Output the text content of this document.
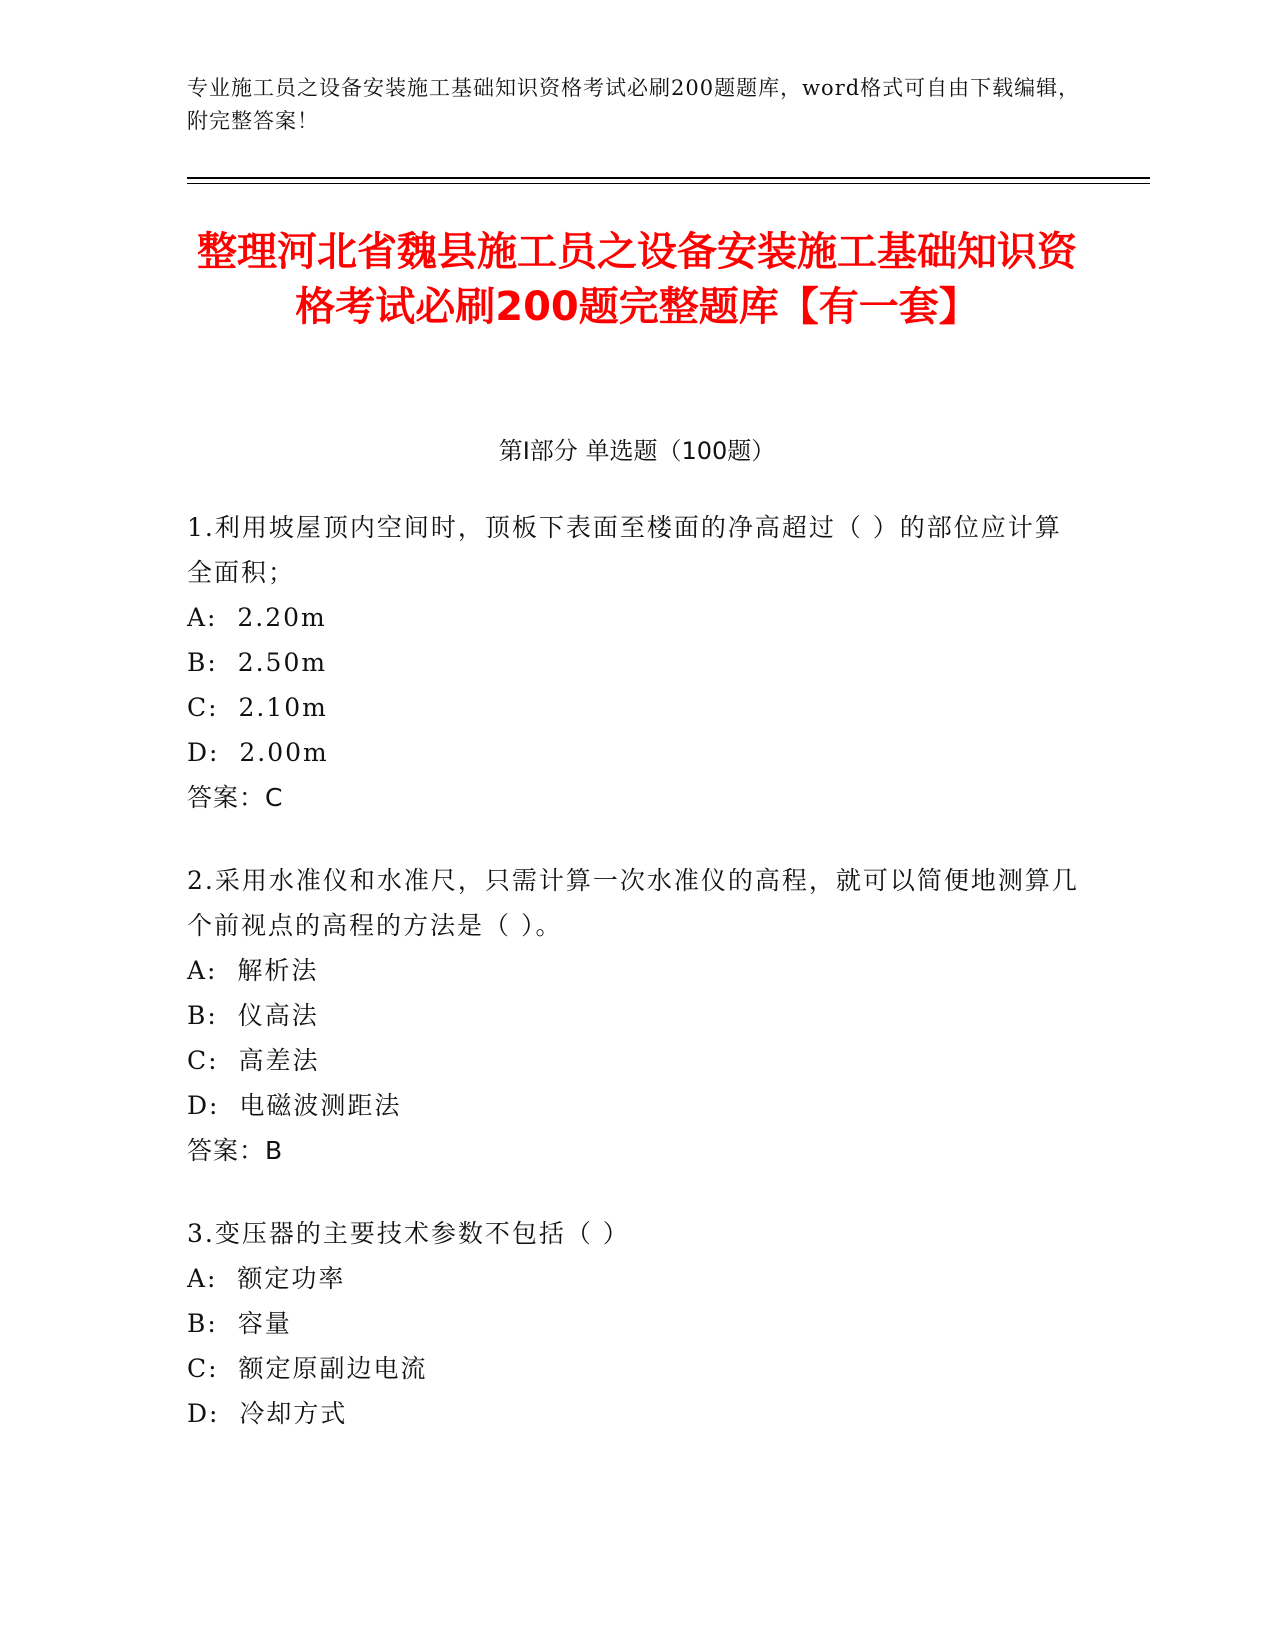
专业施工员之设备安装施工基础知识资格考试必刷200题题库，word格式可自由下载编辑，附完整答案！
整理河北省魏县施工员之设备安装施工基础知识资格考试必刷200题完整题库【有一套】
第Ⅰ部分 单选题（100题）
1.利用坡屋顶内空间时，顶板下表面至楼面的净高超过（ ）的部位应计算全面积；
A:  2.20m
B:  2.50m
C:  2.10m
D:  2.00m
答案：C
2.采用水准仪和水准尺，只需计算一次水准仪的高程，就可以简便地测算几个前视点的高程的方法是（ ）。
A:  解析法
B:  仪高法
C:  高差法
D:  电磁波测距法
答案：B
3.变压器的主要技术参数不包括（ ）
A:  额定功率
B:  容量
C:  额定原副边电流
D:  冷却方式
